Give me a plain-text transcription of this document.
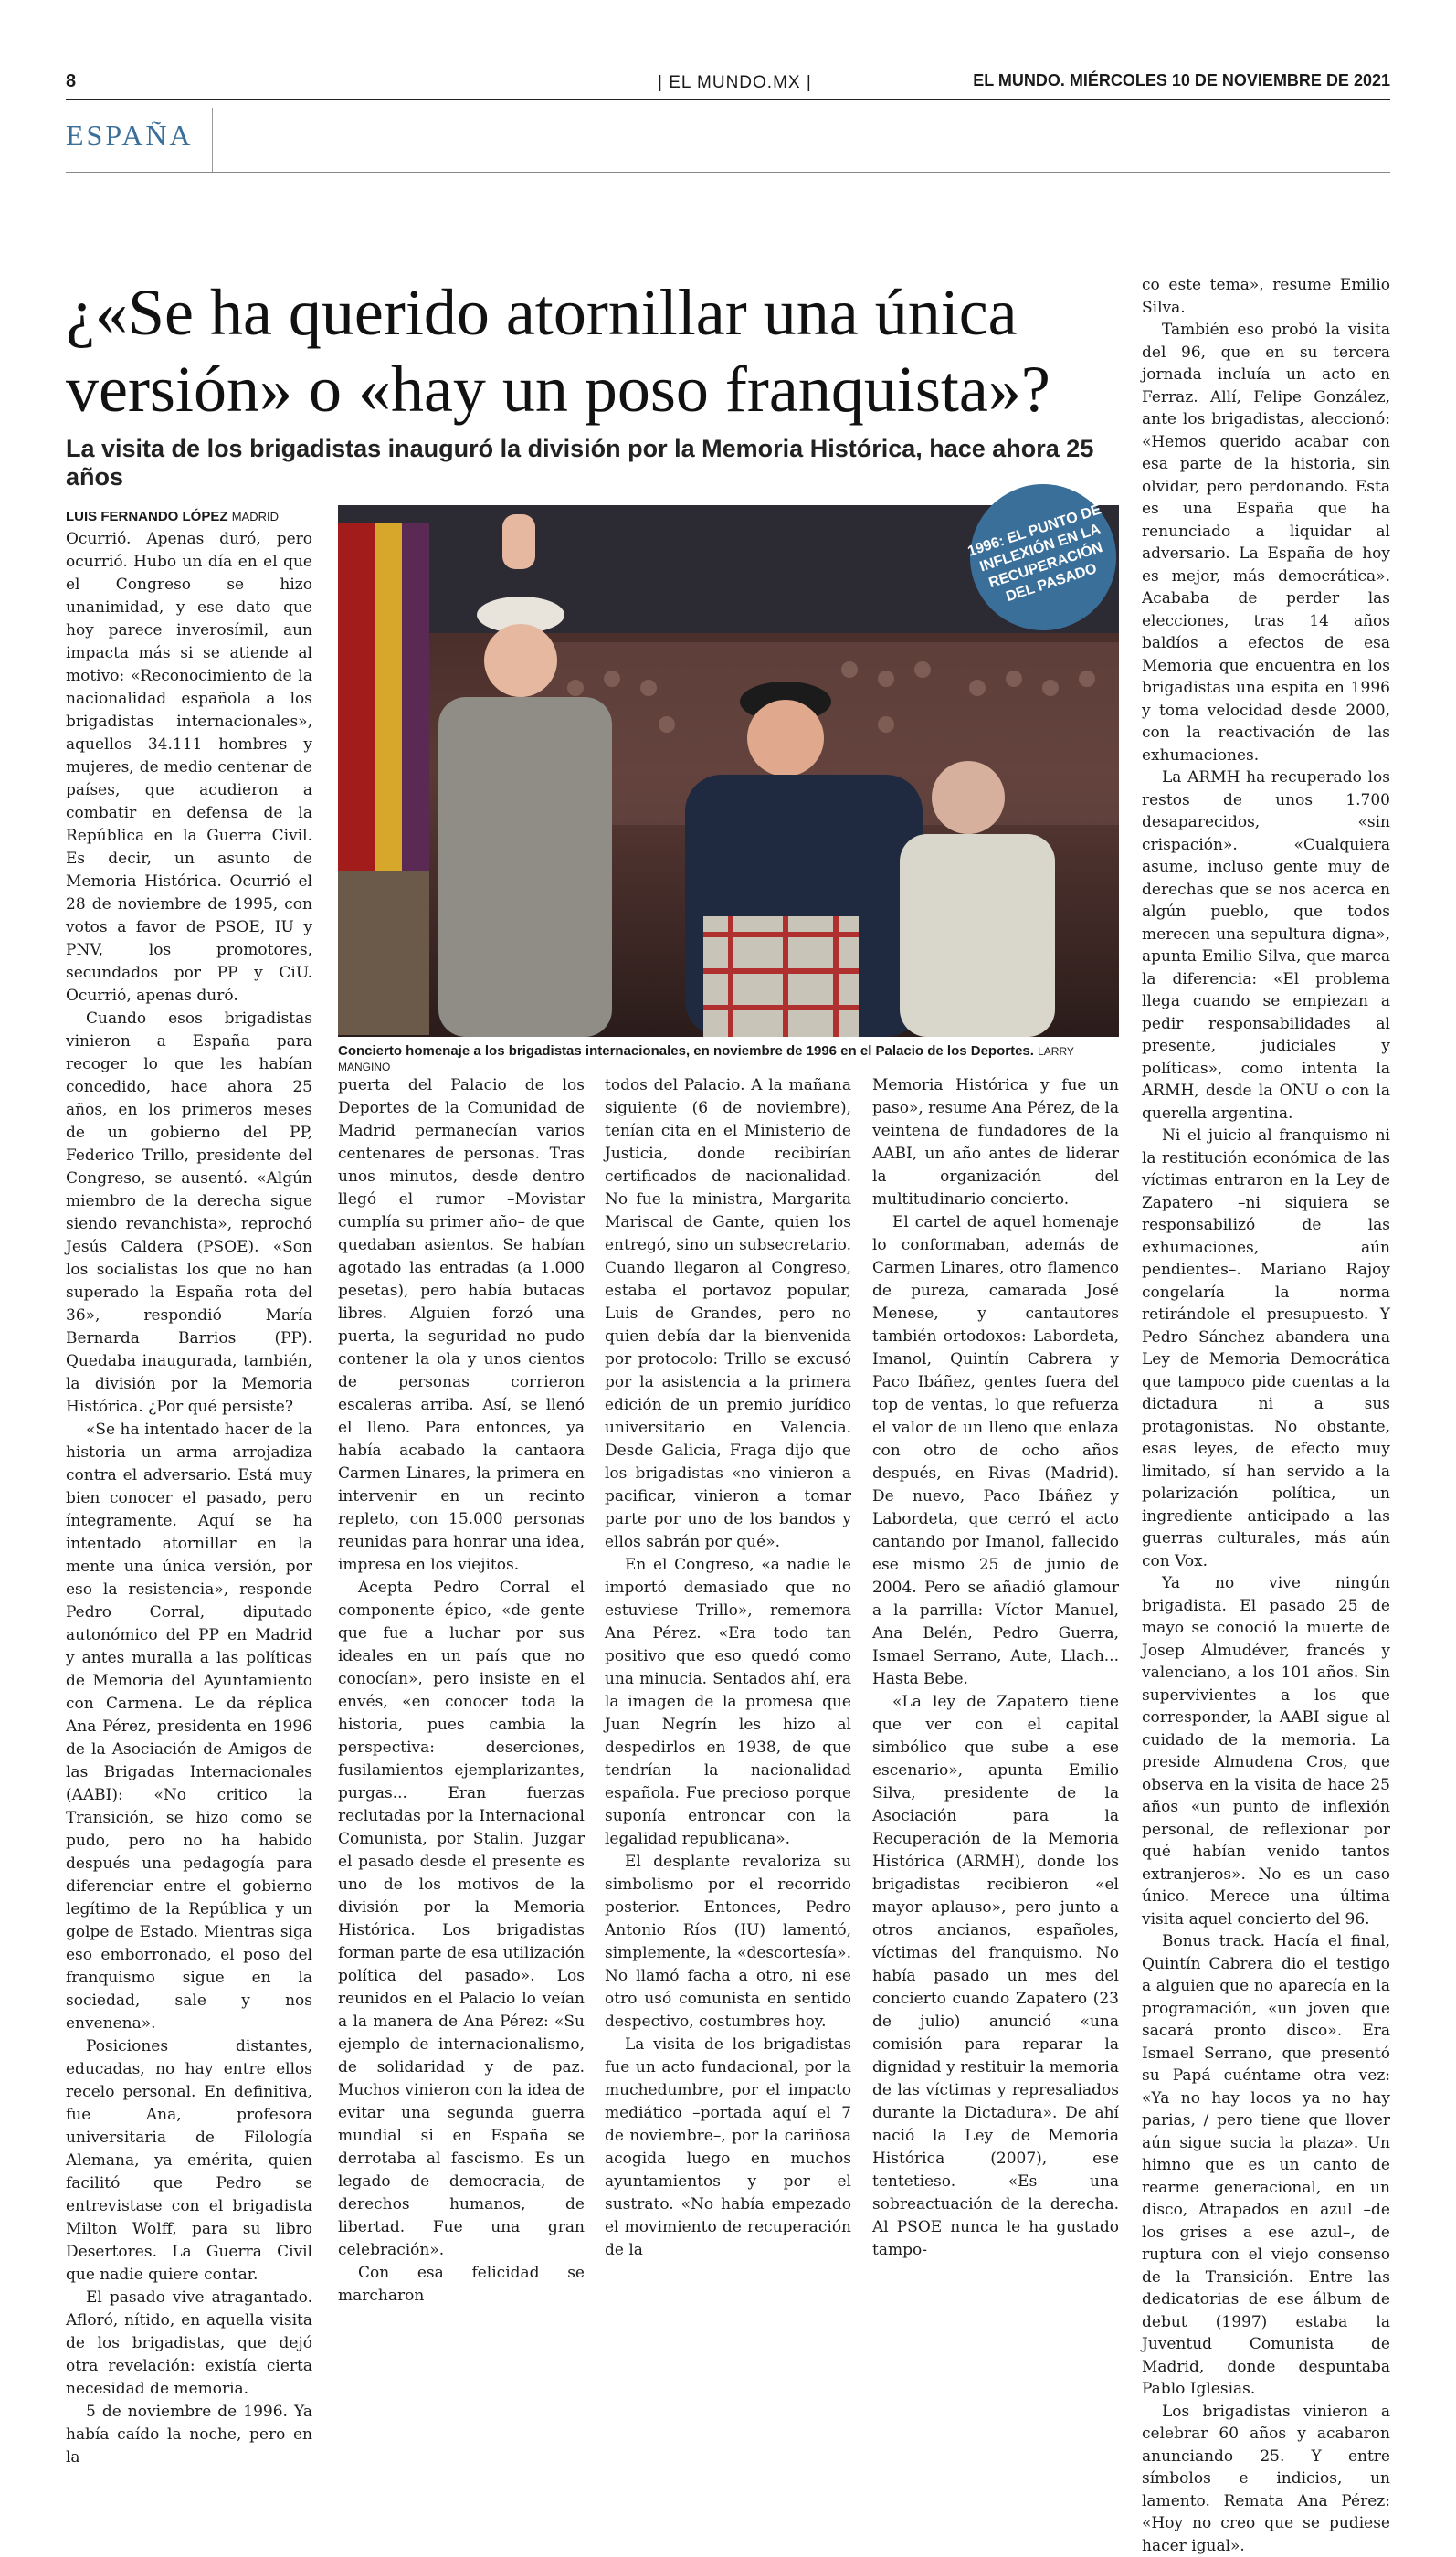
8	| EL MUNDO.MX |	EL MUNDO. MIÉRCOLES 10 DE NOVIEMBRE DE 2021
ESPAÑA
¿«Se ha querido atornillar una única versión» o «hay un poso franquista»?
La visita de los brigadistas inauguró la división por la Memoria Histórica, hace ahora 25 años
1996: EL PUNTO DE INFLEXIÓN EN LA RECUPERACIÓN DEL PASADO
Concierto homenaje a los brigadistas internacionales, en noviembre de 1996 en el Palacio de los Deportes. LARRY MANGINO

LUIS FERNANDO LÓPEZ MADRID

Ocurrió. Apenas duró, pero ocurrió. Hubo un día en el que el Congreso se hizo unanimidad, y ese dato que hoy parece inverosímil, aun impacta más si se atiende al motivo: «Reconocimiento de la nacionalidad española a los brigadistas internacionales», aquellos 34.111 hombres y mujeres, de medio centenar de países, que acudieron a combatir en defensa de la República en la Guerra Civil. Es decir, un asunto de Memoria Histórica. Ocurrió el 28 de noviembre de 1995, con votos a favor de PSOE, IU y PNV, los promotores, secundados por PP y CiU. Ocurrió, apenas duró.

Cuando esos brigadistas vinieron a España para recoger lo que les habían concedido, hace ahora 25 años, en los primeros meses de un gobierno del PP, Federico Trillo, presidente del Congreso, se ausentó. «Algún miembro de la derecha sigue siendo revanchista», reprochó Jesús Caldera (PSOE). «Son los socialistas los que no han superado la España rota del 36», respondió María Bernarda Barrios (PP). Quedaba inaugurada, también, la división por la Memoria Histórica. ¿Por qué persiste?

«Se ha intentado hacer de la historia un arma arrojadiza contra el adversario. Está muy bien conocer el pasado, pero íntegramente. Aquí se ha intentado atornillar en la mente una única versión, por eso la resistencia», responde Pedro Corral, diputado autonómico del PP en Madrid y antes muralla a las políticas de Memoria del Ayuntamiento con Carmena. Le da réplica Ana Pérez, presidenta en 1996 de la Asociación de Amigos de las Brigadas Internacionales (AABI): «No critico la Transición, se hizo como se pudo, pero no ha habido después una pedagogía para diferenciar entre el gobierno legítimo de la República y un golpe de Estado. Mientras siga eso emborronado, el poso del franquismo sigue en la sociedad, sale y nos envenena».

Posiciones distantes, educadas, no hay entre ellos recelo personal. En definitiva, fue Ana, profesora universitaria de Filología Alemana, ya emérita, quien facilitó que Pedro se entrevistase con el brigadista Milton Wolff, para su libro Desertores. La Guerra Civil que nadie quiere contar.

El pasado vive atragantado. Afloró, nítido, en aquella visita de los brigadistas, que dejó otra revelación: existía cierta necesidad de memoria.

5 de noviembre de 1996. Ya había caído la noche, pero en la

puerta del Palacio de los Deportes de la Comunidad de Madrid permanecían varios centenares de personas. Tras unos minutos, desde dentro llegó el rumor –Movistar cumplía su primer año– de que quedaban asientos. Se habían agotado las entradas (a 1.000 pesetas), pero había butacas libres. Alguien forzó una puerta, la seguridad no pudo contener la ola y unos cientos de personas corrieron escaleras arriba. Así, se llenó el lleno. Para entonces, ya había acabado la cantaora Carmen Linares, la primera en intervenir en un recinto repleto, con 15.000 personas reunidas para honrar una idea, impresa en los viejitos.

Acepta Pedro Corral el componente épico, «de gente que fue a luchar por sus ideales en un país que no conocían», pero insiste en el envés, «en conocer toda la historia, pues cambia la perspectiva: deserciones, fusilamientos ejemplarizantes, purgas... Eran fuerzas reclutadas por la Internacional Comunista, por Stalin. Juzgar el pasado desde el presente es uno de los motivos de la división por la Memoria Histórica. Los brigadistas forman parte de esa utilización política del pasado». Los reunidos en el Palacio lo veían a la manera de Ana Pérez: «Su ejemplo de internacionalismo, de solidaridad y de paz. Muchos vinieron con la idea de evitar una segunda guerra mundial si en España se derrotaba al fascismo. Es un legado de democracia, de derechos humanos, de libertad. Fue una gran celebración».

Con esa felicidad se marcharon

todos del Palacio. A la mañana siguiente (6 de noviembre), tenían cita en el Ministerio de Justicia, donde recibirían certificados de nacionalidad. No fue la ministra, Margarita Mariscal de Gante, quien los entregó, sino un subsecretario. Cuando llegaron al Congreso, estaba el portavoz popular, Luis de Grandes, pero no quien debía dar la bienvenida por protocolo: Trillo se excusó por la asistencia a la primera edición de un premio jurídico universitario en Valencia. Desde Galicia, Fraga dijo que los brigadistas «no vinieron a pacificar, vinieron a tomar parte por uno de los bandos y ellos sabrán por qué».

En el Congreso, «a nadie le importó demasiado que no estuviese Trillo», rememora Ana Pérez. «Era todo tan positivo que eso quedó como una minucia. Sentados ahí, era la imagen de la promesa que Juan Negrín les hizo al despedirlos en 1938, de que tendrían la nacionalidad española. Fue precioso porque suponía entroncar con la legalidad republicana».

El desplante revaloriza su simbolismo por el recorrido posterior. Entonces, Pedro Antonio Ríos (IU) lamentó, simplemente, la «descortesía». No llamó facha a otro, ni ese otro usó comunista en sentido despectivo, costumbres hoy.

La visita de los brigadistas fue un acto fundacional, por la muchedumbre, por el impacto mediático –portada aquí el 7 de noviembre–, por la cariñosa acogida luego en muchos ayuntamientos y por el sustrato. «No había empezado el movimiento de recuperación de la

Memoria Histórica y fue un paso», resume Ana Pérez, de la veintena de fundadores de la AABI, un año antes de liderar la organización del multitudinario concierto.

El cartel de aquel homenaje lo conformaban, además de Carmen Linares, otro flamenco de pureza, camarada José Menese, y cantautores también ortodoxos: Labordeta, Imanol, Quintín Cabrera y Paco Ibáñez, gentes fuera del top de ventas, lo que refuerza el valor de un lleno que enlaza con otro de ocho años después, en Rivas (Madrid). De nuevo, Paco Ibáñez y Labordeta, que cerró el acto cantando por Imanol, fallecido ese mismo 25 de junio de 2004. Pero se añadió glamour a la parrilla: Víctor Manuel, Ana Belén, Pedro Guerra, Ismael Serrano, Aute, Llach... Hasta Bebe.

«La ley de Zapatero tiene que ver con el capital simbólico que sube a ese escenario», apunta Emilio Silva, presidente de la Asociación para la Recuperación de la Memoria Histórica (ARMH), donde los brigadistas recibieron «el mayor aplauso», pero junto a otros ancianos, españoles, víctimas del franquismo. No había pasado un mes del concierto cuando Zapatero (23 de julio) anunció «una comisión para reparar la dignidad y restituir la memoria de las víctimas y represaliados durante la Dictadura». De ahí nació la Ley de Memoria Histórica (2007), ese tentetieso. «Es una sobreactuación de la derecha. Al PSOE nunca le ha gustado tampo-

co este tema», resume Emilio Silva.

También eso probó la visita del 96, que en su tercera jornada incluía un acto en Ferraz. Allí, Felipe González, ante los brigadistas, aleccionó: «Hemos querido acabar con esa parte de la historia, sin olvidar, pero perdonando. Esta es una España que ha renunciado a liquidar al adversario. La España de hoy es mejor, más democrática». Acababa de perder las elecciones, tras 14 años baldíos a efectos de esa Memoria que encuentra en los brigadistas una espita en 1996 y toma velocidad desde 2000, con la reactivación de las exhumaciones.

La ARMH ha recuperado los restos de unos 1.700 desaparecidos, «sin crispación». «Cualquiera asume, incluso gente muy de derechas que se nos acerca en algún pueblo, que todos merecen una sepultura digna», apunta Emilio Silva, que marca la diferencia: «El problema llega cuando se empiezan a pedir responsabilidades al presente, judiciales y políticas», como intenta la ARMH, desde la ONU o con la querella argentina.

Ni el juicio al franquismo ni la restitución económica de las víctimas entraron en la Ley de Zapatero –ni siquiera se responsabilizó de las exhumaciones, aún pendientes–. Mariano Rajoy congelaría la norma retirándole el presupuesto. Y Pedro Sánchez abandera una Ley de Memoria Democrática que tampoco pide cuentas a la dictadura ni a sus protagonistas. No obstante, esas leyes, de efecto muy limitado, sí han servido a la polarización política, un ingrediente anticipado a las guerras culturales, más aún con Vox.

Ya no vive ningún brigadista. El pasado 25 de mayo se conoció la muerte de Josep Almudéver, francés y valenciano, a los 101 años. Sin supervivientes a los que corresponder, la AABI sigue al cuidado de la memoria. La preside Almudena Cros, que observa en la visita de hace 25 años «un punto de inflexión personal, de reflexionar por qué habían venido tantos extranjeros». No es un caso único. Merece una última visita aquel concierto del 96.

Bonus track. Hacía el final, Quintín Cabrera dio el testigo a alguien que no aparecía en la programación, «un joven que sacará pronto disco». Era Ismael Serrano, que presentó su Papá cuéntame otra vez: «Ya no hay locos ya no hay parias, / pero tiene que llover aún sigue sucia la plaza». Un himno que es un canto de rearme generacional, en un disco, Atrapados en azul –de los grises a ese azul–, de ruptura con el viejo consenso de la Transición. Entre las dedicatorias de ese álbum de debut (1997) estaba la Juventud Comunista de Madrid, donde despuntaba Pablo Iglesias.

Los brigadistas vinieron a celebrar 60 años y acabaron anunciando 25. Y entre símbolos e indicios, un lamento. Remata Ana Pérez: «Hoy no creo que se pudiese hacer igual».
